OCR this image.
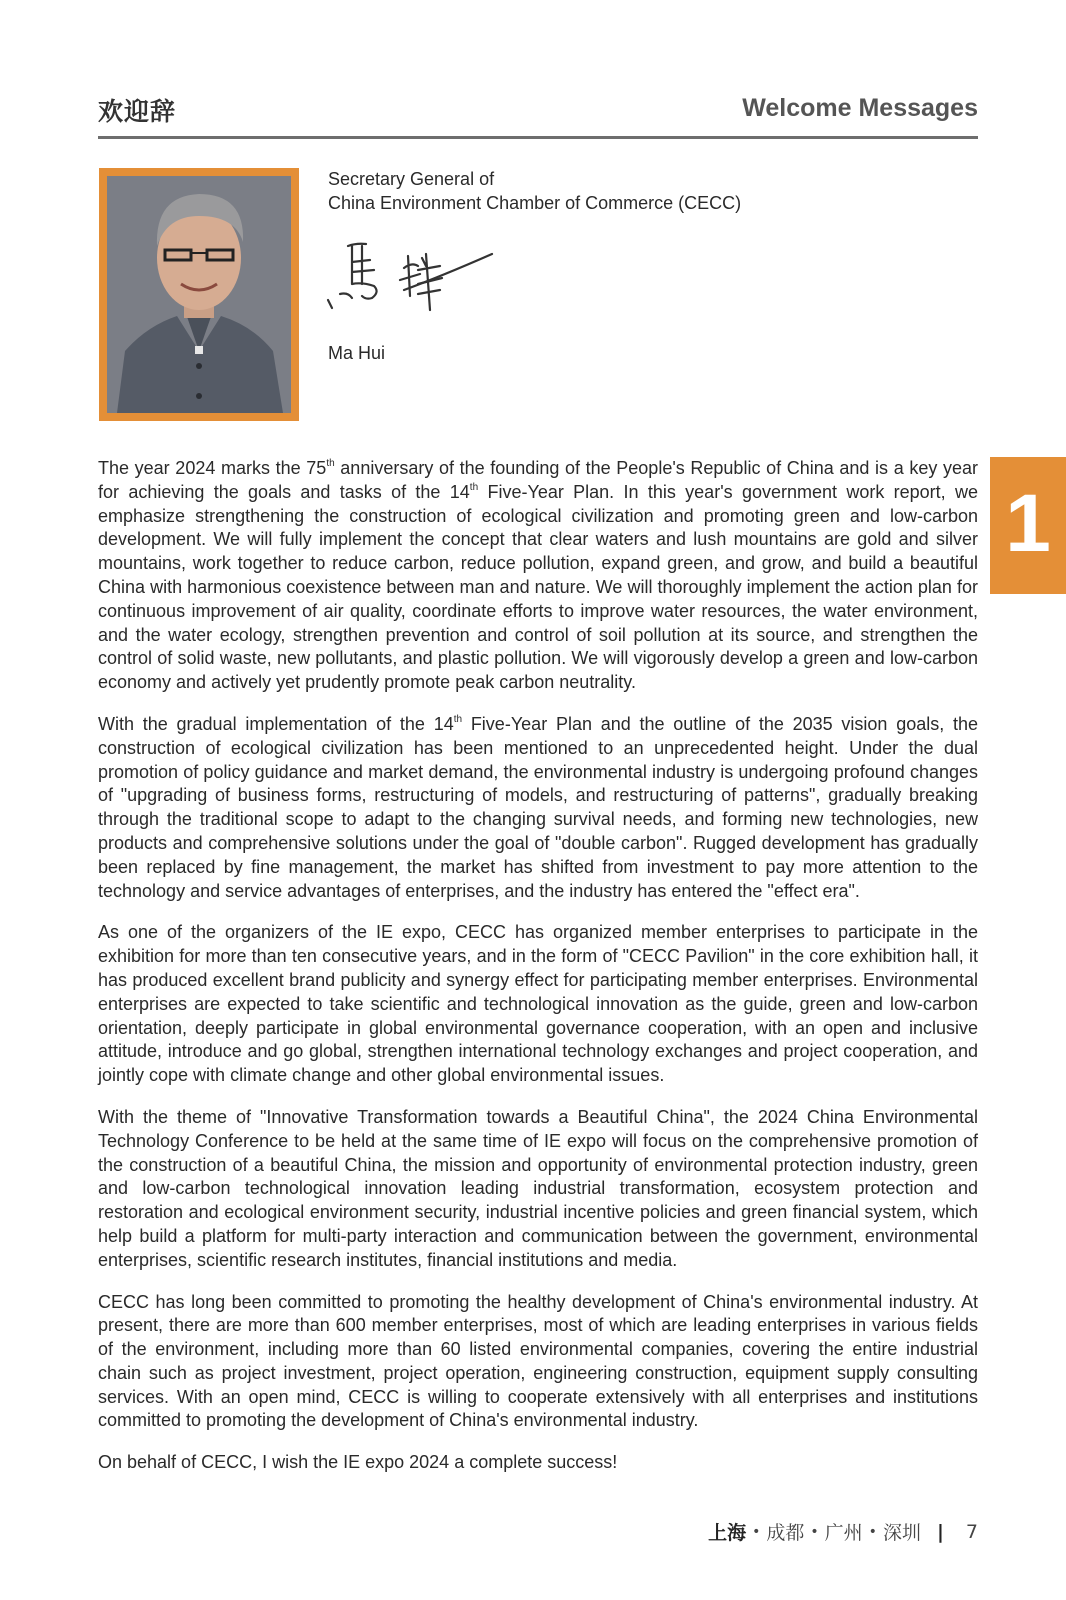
欢迎辞	Welcome Messages
Secretary General of
China Environment Chamber of Commerce (CECC)
Ma Hui
1

The year 2024 marks the 75th anniversary of the founding of the People's Republic of China and is a key year for achieving the goals and tasks of the 14th Five-Year Plan. In this year's government work report, we emphasize strengthening the construction of ecological civilization and promoting green and low-carbon development. We will fully implement the concept that clear waters and lush mountains are gold and silver mountains, work together to reduce carbon, reduce pollution, expand green, and grow, and build a beautiful China with harmonious coexistence between man and nature. We will thoroughly implement the action plan for continuous improvement of air quality, coordinate efforts to improve water resources, the water environment, and the water ecology, strengthen prevention and control of soil pollution at its source, and strengthen the control of solid waste, new pollutants, and plastic pollution. We will vigorously develop a green and low-carbon economy and actively yet prudently promote peak carbon neutrality.

With the gradual implementation of the 14th Five-Year Plan and the outline of the 2035 vision goals, the construction of ecological civilization has been mentioned to an unprecedented height. Under the dual promotion of policy guidance and market demand, the environmental industry is undergoing profound changes of "upgrading of business forms, restructuring of models, and restructuring of patterns", gradually breaking through the traditional scope to adapt to the changing survival needs, and forming new technologies, new products and comprehensive solutions under the goal of "double carbon". Rugged development has gradually been replaced by fine management, the market has shifted from investment to pay more attention to the technology and service advantages of enterprises, and the industry has entered the "effect era".

As one of the organizers of the IE expo, CECC has organized member enterprises to participate in the exhibition for more than ten consecutive years, and in the form of "CECC Pavilion" in the core exhibition hall, it has produced excellent brand publicity and synergy effect for participating member enterprises. Environmental enterprises are expected to take scientific and technological innovation as the guide, green and low-carbon orientation, deeply participate in global environmental governance cooperation, with an open and inclusive attitude, introduce and go global, strengthen international technology exchanges and project cooperation, and jointly cope with climate change and other global environmental issues.

With the theme of "Innovative Transformation towards a Beautiful China", the 2024 China Environmental Technology Conference to be held at the same time of IE expo will focus on the comprehensive promotion of the construction of a beautiful China, the mission and opportunity of environmental protection industry, green and low-carbon technological innovation leading industrial transformation, ecosystem protection and restoration and ecological environment security, industrial incentive policies and green financial system, which help build a platform for multi-party interaction and communication between the government, environmental enterprises, scientific research institutes, financial institutions and media.

CECC has long been committed to promoting the healthy development of China's environmental industry. At present, there are more than 600 member enterprises, most of which are leading enterprises in various fields of the environment, including more than 60 listed environmental companies, covering the entire industrial chain such as project investment, project operation, engineering construction, equipment supply consulting services. With an open mind, CECC is willing to cooperate extensively with all enterprises and institutions committed to promoting the development of China's environmental industry.

On behalf of CECC, I wish the IE expo 2024 a complete success!

上海 • 成都 • 广州 • 深圳 | 7
